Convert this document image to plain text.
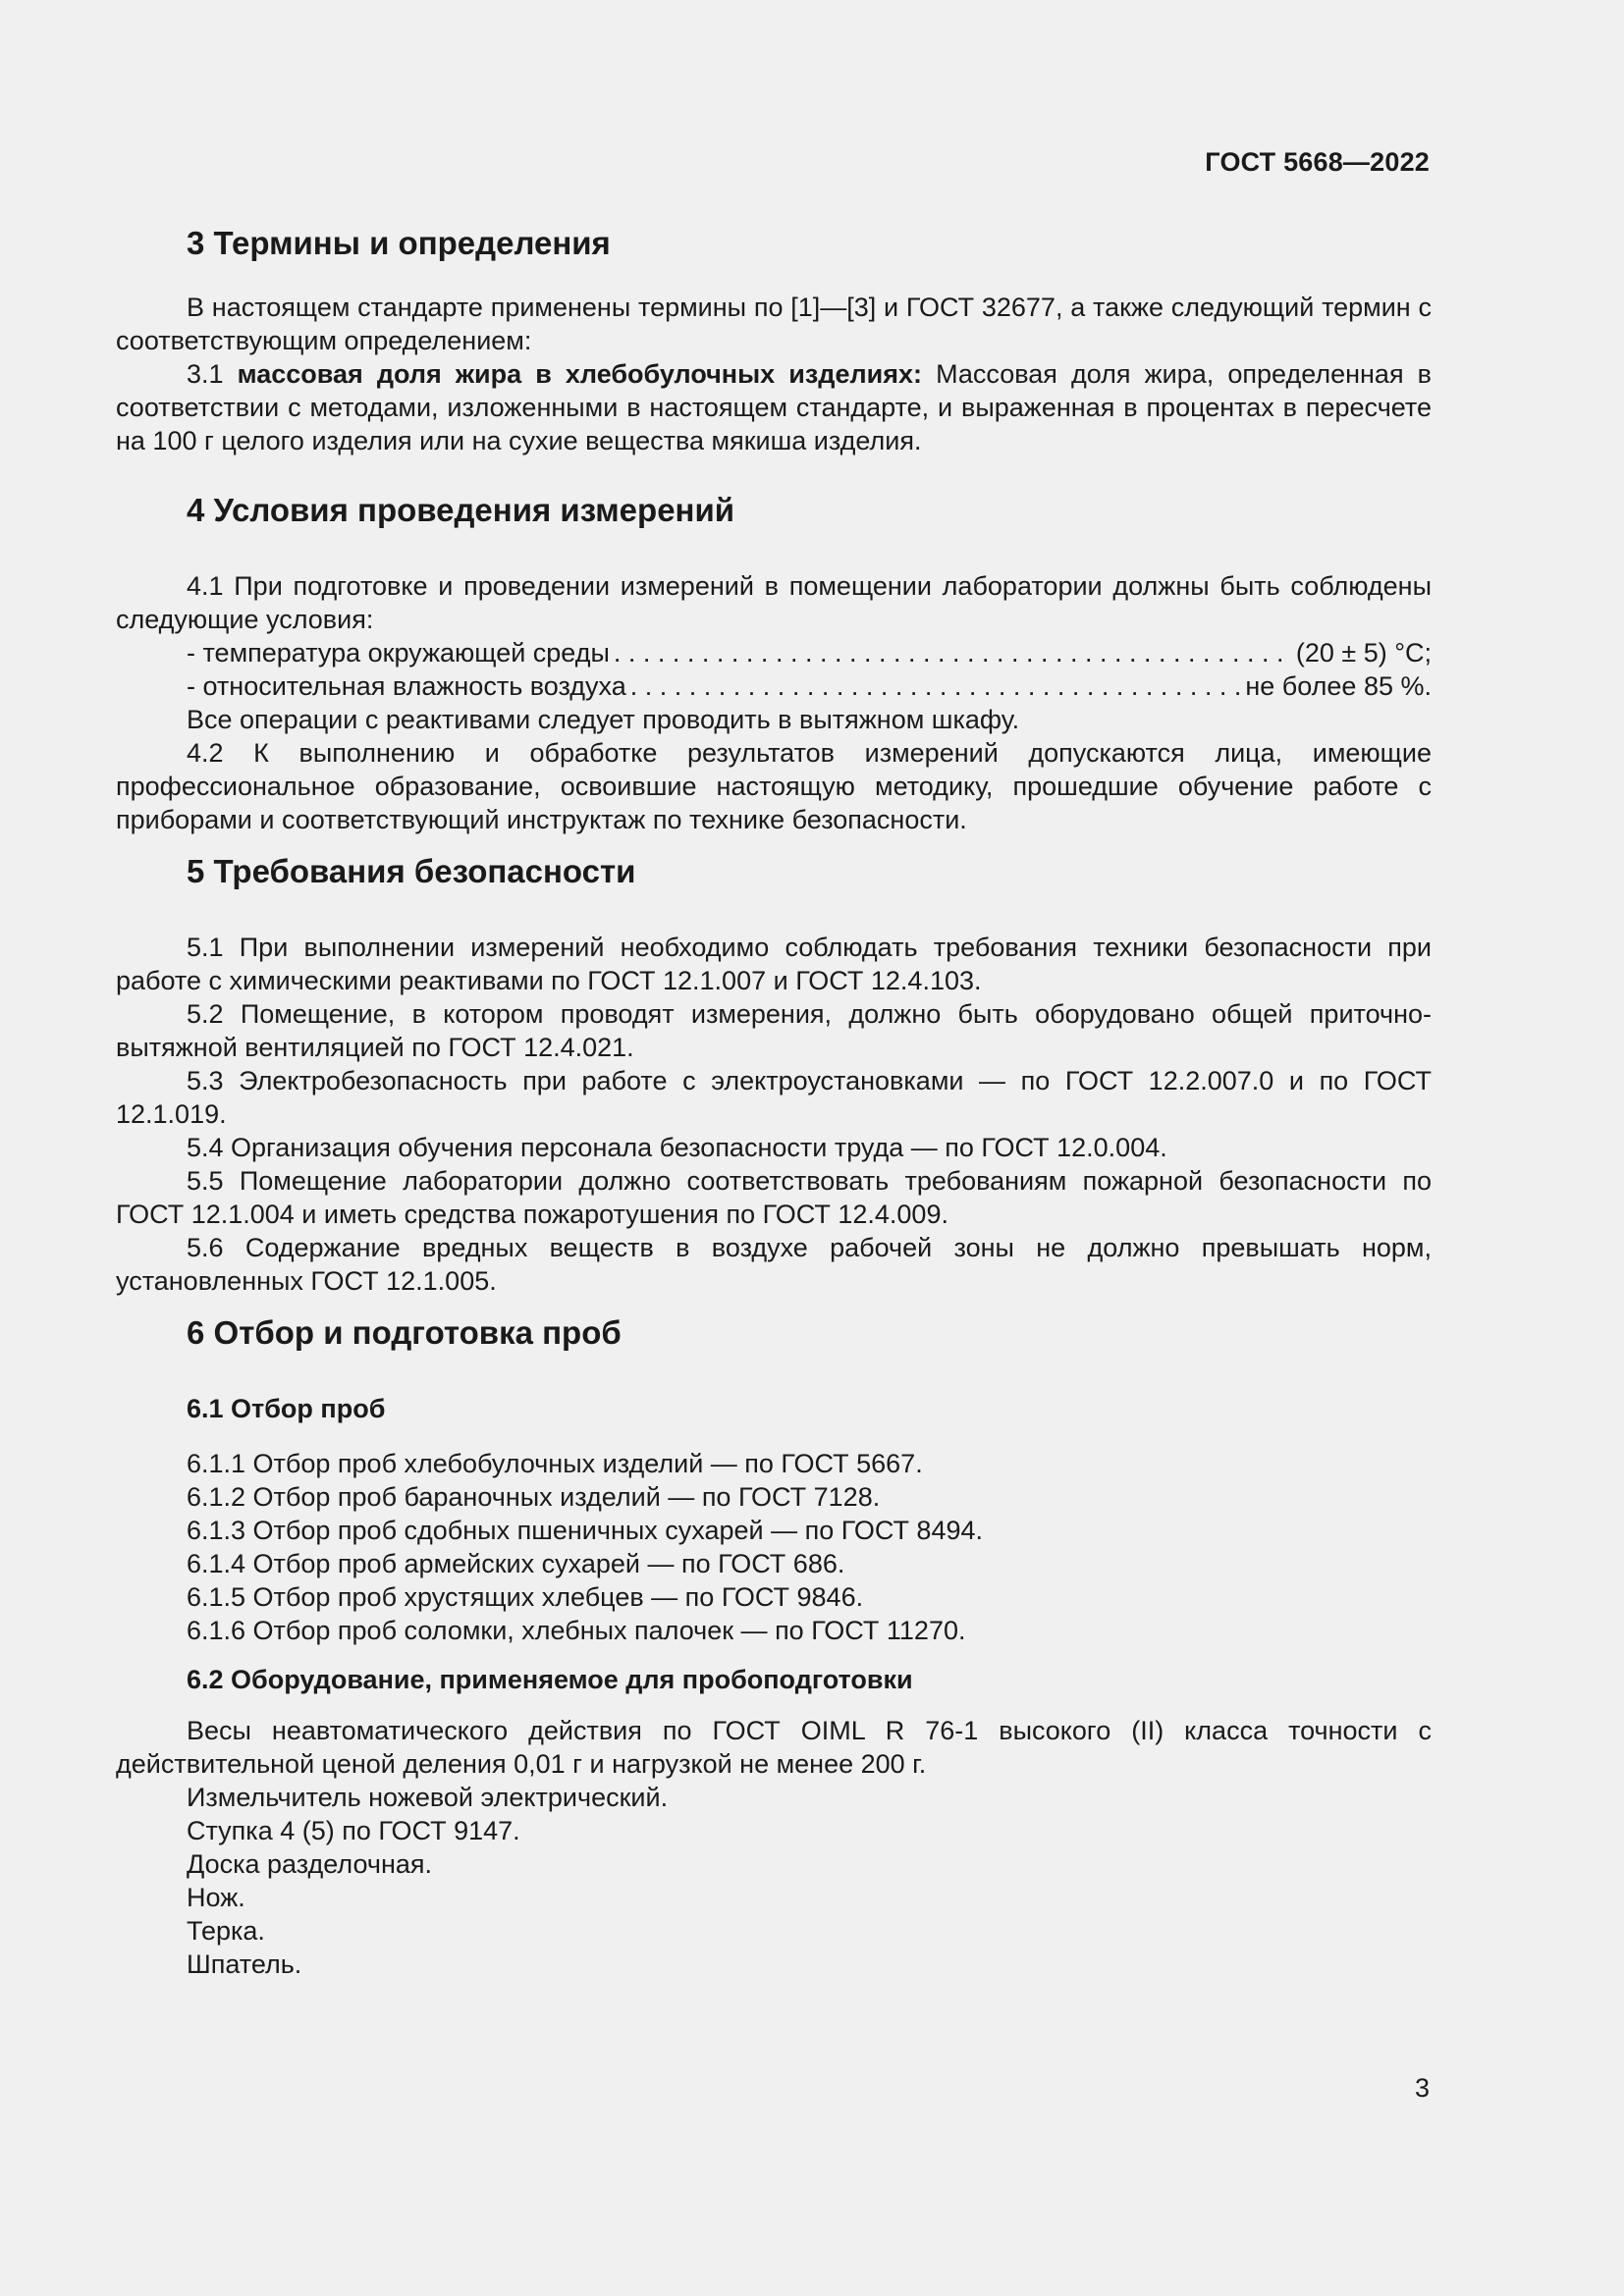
ГОСТ 5668—2022
3 Термины и определения

В настоящем стандарте применены термины по [1]—[3] и ГОСТ 32677, а также следующий термин с соответствующим определением:

3.1 массовая доля жира в хлебобулочных изделиях: Массовая доля жира, определенная в соответствии с методами, изложенными в настоящем стандарте, и выраженная в процентах в пересчете на 100 г целого изделия или на сухие вещества мякиша изделия.

4 Условия проведения измерений

4.1 При подготовке и проведении измерений в помещении лаборатории должны быть соблюдены следующие условия:

- температура окружающей среды . . .	(20 ± 5) °С;
- относительная влажность воздуха . . .	не более 85 %.

Все операции с реактивами следует проводить в вытяжном шкафу.

4.2 К выполнению и обработке результатов измерений допускаются лица, имеющие профессиональное образование, освоившие настоящую методику, прошедшие обучение работе с приборами и соответствующий инструктаж по технике безопасности.

5 Требования безопасности

5.1 При выполнении измерений необходимо соблюдать требования техники безопасности при работе с химическими реактивами по ГОСТ 12.1.007 и ГОСТ 12.4.103.

5.2 Помещение, в котором проводят измерения, должно быть оборудовано общей приточно-вытяжной вентиляцией по ГОСТ 12.4.021.

5.3 Электробезопасность при работе с электроустановками — по ГОСТ 12.2.007.0 и по ГОСТ 12.1.019.

5.4 Организация обучения персонала безопасности труда — по ГОСТ 12.0.004.

5.5 Помещение лаборатории должно соответствовать требованиям пожарной безопасности по ГОСТ 12.1.004 и иметь средства пожаротушения по ГОСТ 12.4.009.

5.6 Содержание вредных веществ в воздухе рабочей зоны не должно превышать норм, установленных ГОСТ 12.1.005.

6 Отбор и подготовка проб
6.1 Отбор проб

6.1.1 Отбор проб хлебобулочных изделий — по ГОСТ 5667.

6.1.2 Отбор проб бараночных изделий — по ГОСТ 7128.

6.1.3 Отбор проб сдобных пшеничных сухарей — по ГОСТ 8494.

6.1.4 Отбор проб армейских сухарей — по ГОСТ 686.

6.1.5 Отбор проб хрустящих хлебцев — по ГОСТ 9846.

6.1.6 Отбор проб соломки, хлебных палочек — по ГОСТ 11270.

6.2 Оборудование, применяемое для пробоподготовки

Весы неавтоматического действия по ГОСТ OIML R 76-1 высокого (II) класса точности с действительной ценой деления 0,01 г и нагрузкой не менее 200 г.

Измельчитель ножевой электрический.

Ступка 4 (5) по ГОСТ 9147.

Доска разделочная.

Нож.

Терка.

Шпатель.

3
